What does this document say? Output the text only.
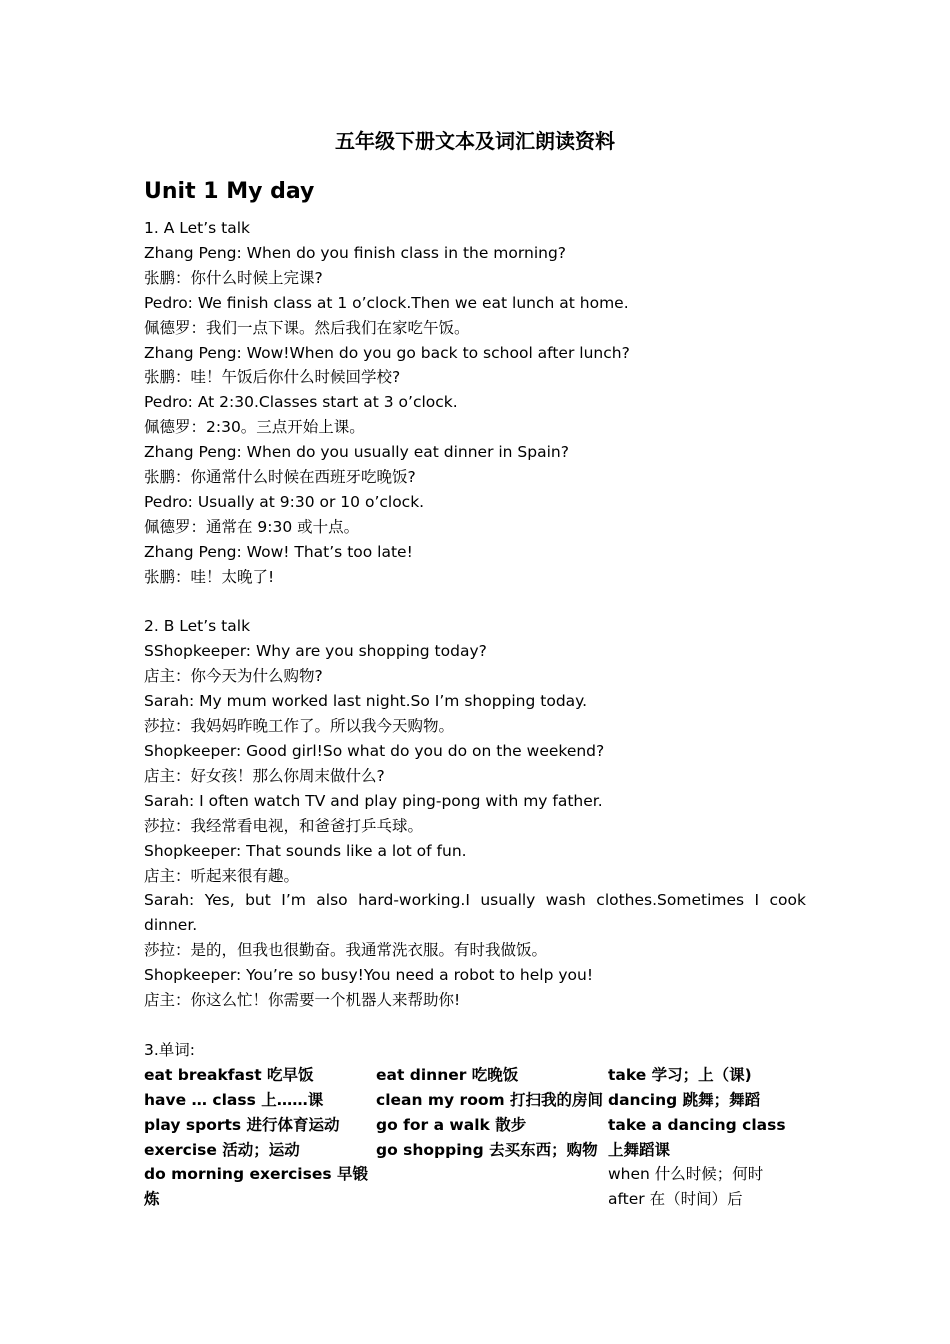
五年级下册文本及词汇朗读资料
Unit 1 My day
1. A Let’s talk
Zhang Peng: When do you finish class in the morning?
张鹏：你什么时候上完课?
Pedro: We finish class at 1 o’clock.Then we eat lunch at home.
佩德罗：我们一点下课。然后我们在家吃午饭。
Zhang Peng: Wow!When do you go back to school after lunch?
张鹏：哇！午饭后你什么时候回学校?
Pedro: At 2:30.Classes start at 3 o’clock.
佩德罗：2:30。三点开始上课。
Zhang Peng: When do you usually eat dinner in Spain?
张鹏：你通常什么时候在西班牙吃晚饭?
Pedro: Usually at 9:30 or 10 o’clock.
佩德罗：通常在 9:30 或十点。
Zhang Peng: Wow! That’s too late!
张鹏：哇！太晚了!
2. B Let’s talk
SShopkeeper: Why are you shopping today?
店主：你今天为什么购物?
Sarah: My mum worked last night.So I’m shopping today.
莎拉：我妈妈昨晚工作了。所以我今天购物。
Shopkeeper: Good girl!So what do you do on the weekend?
店主：好女孩！那么你周末做什么?
Sarah: I often watch TV and play ping-pong with my father.
莎拉：我经常看电视，和爸爸打乒乓球。
Shopkeeper: That sounds like a lot of fun.
店主：听起来很有趣。
Sarah: Yes, but I’m also hard-working.I usually wash clothes.Sometimes I cook dinner.
莎拉：是的，但我也很勤奋。我通常洗衣服。有时我做饭。
Shopkeeper: You’re so busy!You need a robot to help you!
店主：你这么忙！你需要一个机器人来帮助你!
3.单词:
eat breakfast 吃早饭
have … class 上……课
play sports 进行体育运动
exercise 活动；运动
do morning exercises 早锻炼
eat dinner 吃晚饭
clean my room 打扫我的房间
go for a walk 散步
go shopping 去买东西；购物
take 学习；上（课)
dancing 跳舞；舞蹈
take a dancing class 上舞蹈课
when 什么时候；何时
after 在（时间）后
